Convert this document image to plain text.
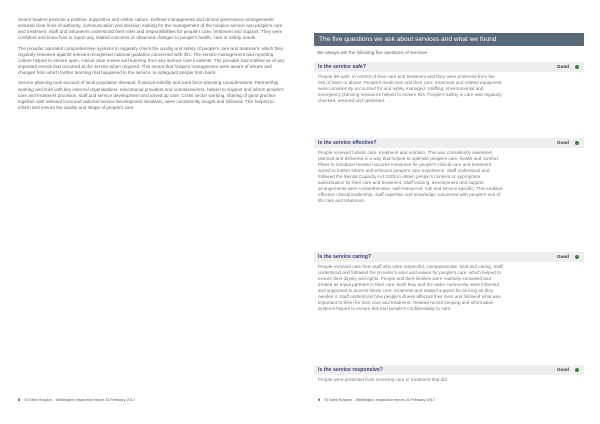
Senior leaders promote a positive, supportive and visible culture. Defined management and clinical governance arrangements ensured clear lines of authority, communication and decision making for the management of the hospice service and people's care and treatment. Staff and volunteers understood their roles and responsibilities for people's care, treatment and support. They were confident and knew how to report any related concerns or observed changes to people's health, care or safety needs.

The provider operated comprehensive systems to regularly check the quality and safety of people's care and treatment, which they regularly reviewed against relevant recognised national guidance concerned with this. The service management and reporting culture helped to ensure open, critical case review and learning from any serious care incidents. The provider had notified us of any important events that occurred at the service when required. This meant that hospice management were aware of issues and changes from which further learning that happened in the service, to safeguard people from harm.

Service planning took account of local population demand, financial viability and work force planning considerations. Partnership working and links with key external organisations, educational providers and commissioners, helped to support and inform people's care and treatment provision, staff and service development and joined up care. Cross sector working, sharing of good practice together with relevant local and national service development initiatives, were consistently sought and followed. This helped to inform and ensure the quality and shape of people's care.

8 St Giles Hospice - Whittington Inspection report 24 February 2017
The five questions we ask about services and what we found
We always ask the following five questions of services.
Is the service safe?	Good
People felt safe, in control of their care and treatment and they were protected from the risk of harm or abuse. People's medicines and their care, treatment and related equipment were consistently accounted for and safely managed. Staffing, environmental and emergency planning measures helped to ensure this. People's safety in care was regularly checked, assured and optimised.
Is the service effective?	Good
People received holistic care, treatment and nutrition. This was consistently assessed, planned and delivered in a way that helped to optimise people's care, health and comfort. Plans to introduce revised outcome measures for people's clinical care and treatment aimed to further inform and enhance people's care experience. Staff understood and followed the Mental Capacity Act 2005 to obtain people's consent or appropriate authorisation for their care and treatment. Staff training, development and support arrangements were comprehensive, well resourced, role and service specific. This enabled effective clinical leadership, staff expertise and knowledge concerned with people's end of life care and treatment.
Is the service caring?	Good
People received care from staff who were respectful, compassionate, kind and caring. Staff understood and followed the provider's aims and values for people's care, which helped to ensure their dignity and rights. People and their families were routinely consulted and treated as equal partners in their care. Both they and the wider community were informed and supported to access timely care, treatment and related support for as long as they needed it. Staff understood how people's illness affected their lives and followed what was important to them for their care and treatment. Related record keeping and information systems helped to ensure this and people's confidentiality in care.
Is the service responsive?	Good
People were protected from receiving care or treatment that did
9 St Giles Hospice - Whittington Inspection report 24 February 2017
